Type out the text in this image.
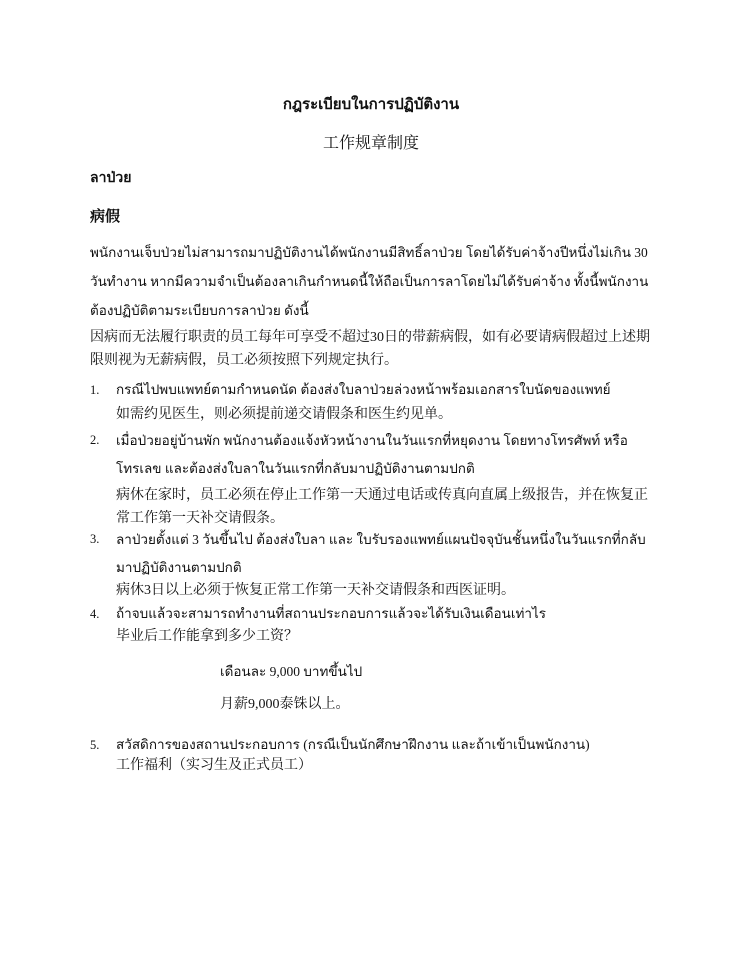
กฎระเบียบในการปฏิบัติงาน
工作规章制度
ลาป่วย
病假
พนักงานเจ็บป่วยไม่สามารถมาปฏิบัติงานได้พนักงานมีสิทธิ์ลาป่วย โดยได้รับค่าจ้างปีหนึ่งไม่เกิน 30 วันทำงาน หากมีความจำเป็นต้องลาเกินกำหนดนี้ให้ถือเป็นการลาโดยไม่ได้รับค่าจ้าง ทั้งนี้พนักงานต้องปฏิบัติตามระเบียบการลาป่วย ดังนี้
因病而无法履行职责的员工每年可享受不超过30日的带薪病假，如有必要请病假超过上述期限则视为无薪病假，员工必须按照下列规定执行。
1.	กรณีไปพบแพทย์ตามกำหนดนัด ต้องส่งใบลาป่วยล่วงหน้าพร้อมเอกสารใบนัดของแพทย์
如需约见医生，则必须提前递交请假条和医生约见单。
2.	เมื่อป่วยอยู่บ้านพัก พนักงานต้องแจ้งหัวหน้างานในวันแรกที่หยุดงาน โดยทางโทรศัพท์ หรือ โทรเลข และต้องส่งใบลาในวันแรกที่กลับมาปฏิบัติงานตามปกติ
病休在家时，员工必须在停止工作第一天通过电话或传真向直属上级报告，并在恢复正常工作第一天补交请假条。
3.	ลาป่วยตั้งแต่ 3 วันขึ้นไป ต้องส่งใบลา และ ใบรับรองแพทย์แผนปัจจุบันชั้นหนึ่งในวันแรกที่กลับมาปฏิบัติงานตามปกติ
病休3日以上必须于恢复正常工作第一天补交请假条和西医证明。
4.	ถ้าจบแล้วจะสามารถทำงานที่สถานประกอบการแล้วจะได้รับเงินเดือนเท่าไร
毕业后工作能拿到多少工资？
เดือนละ 9,000 บาทขึ้นไป
月薪9,000泰铢以上。
5.	สวัสดิการของสถานประกอบการ (กรณีเป็นนักศึกษาฝึกงาน และถ้าเข้าเป็นพนักงาน)
工作福利（实习生及正式员工）
